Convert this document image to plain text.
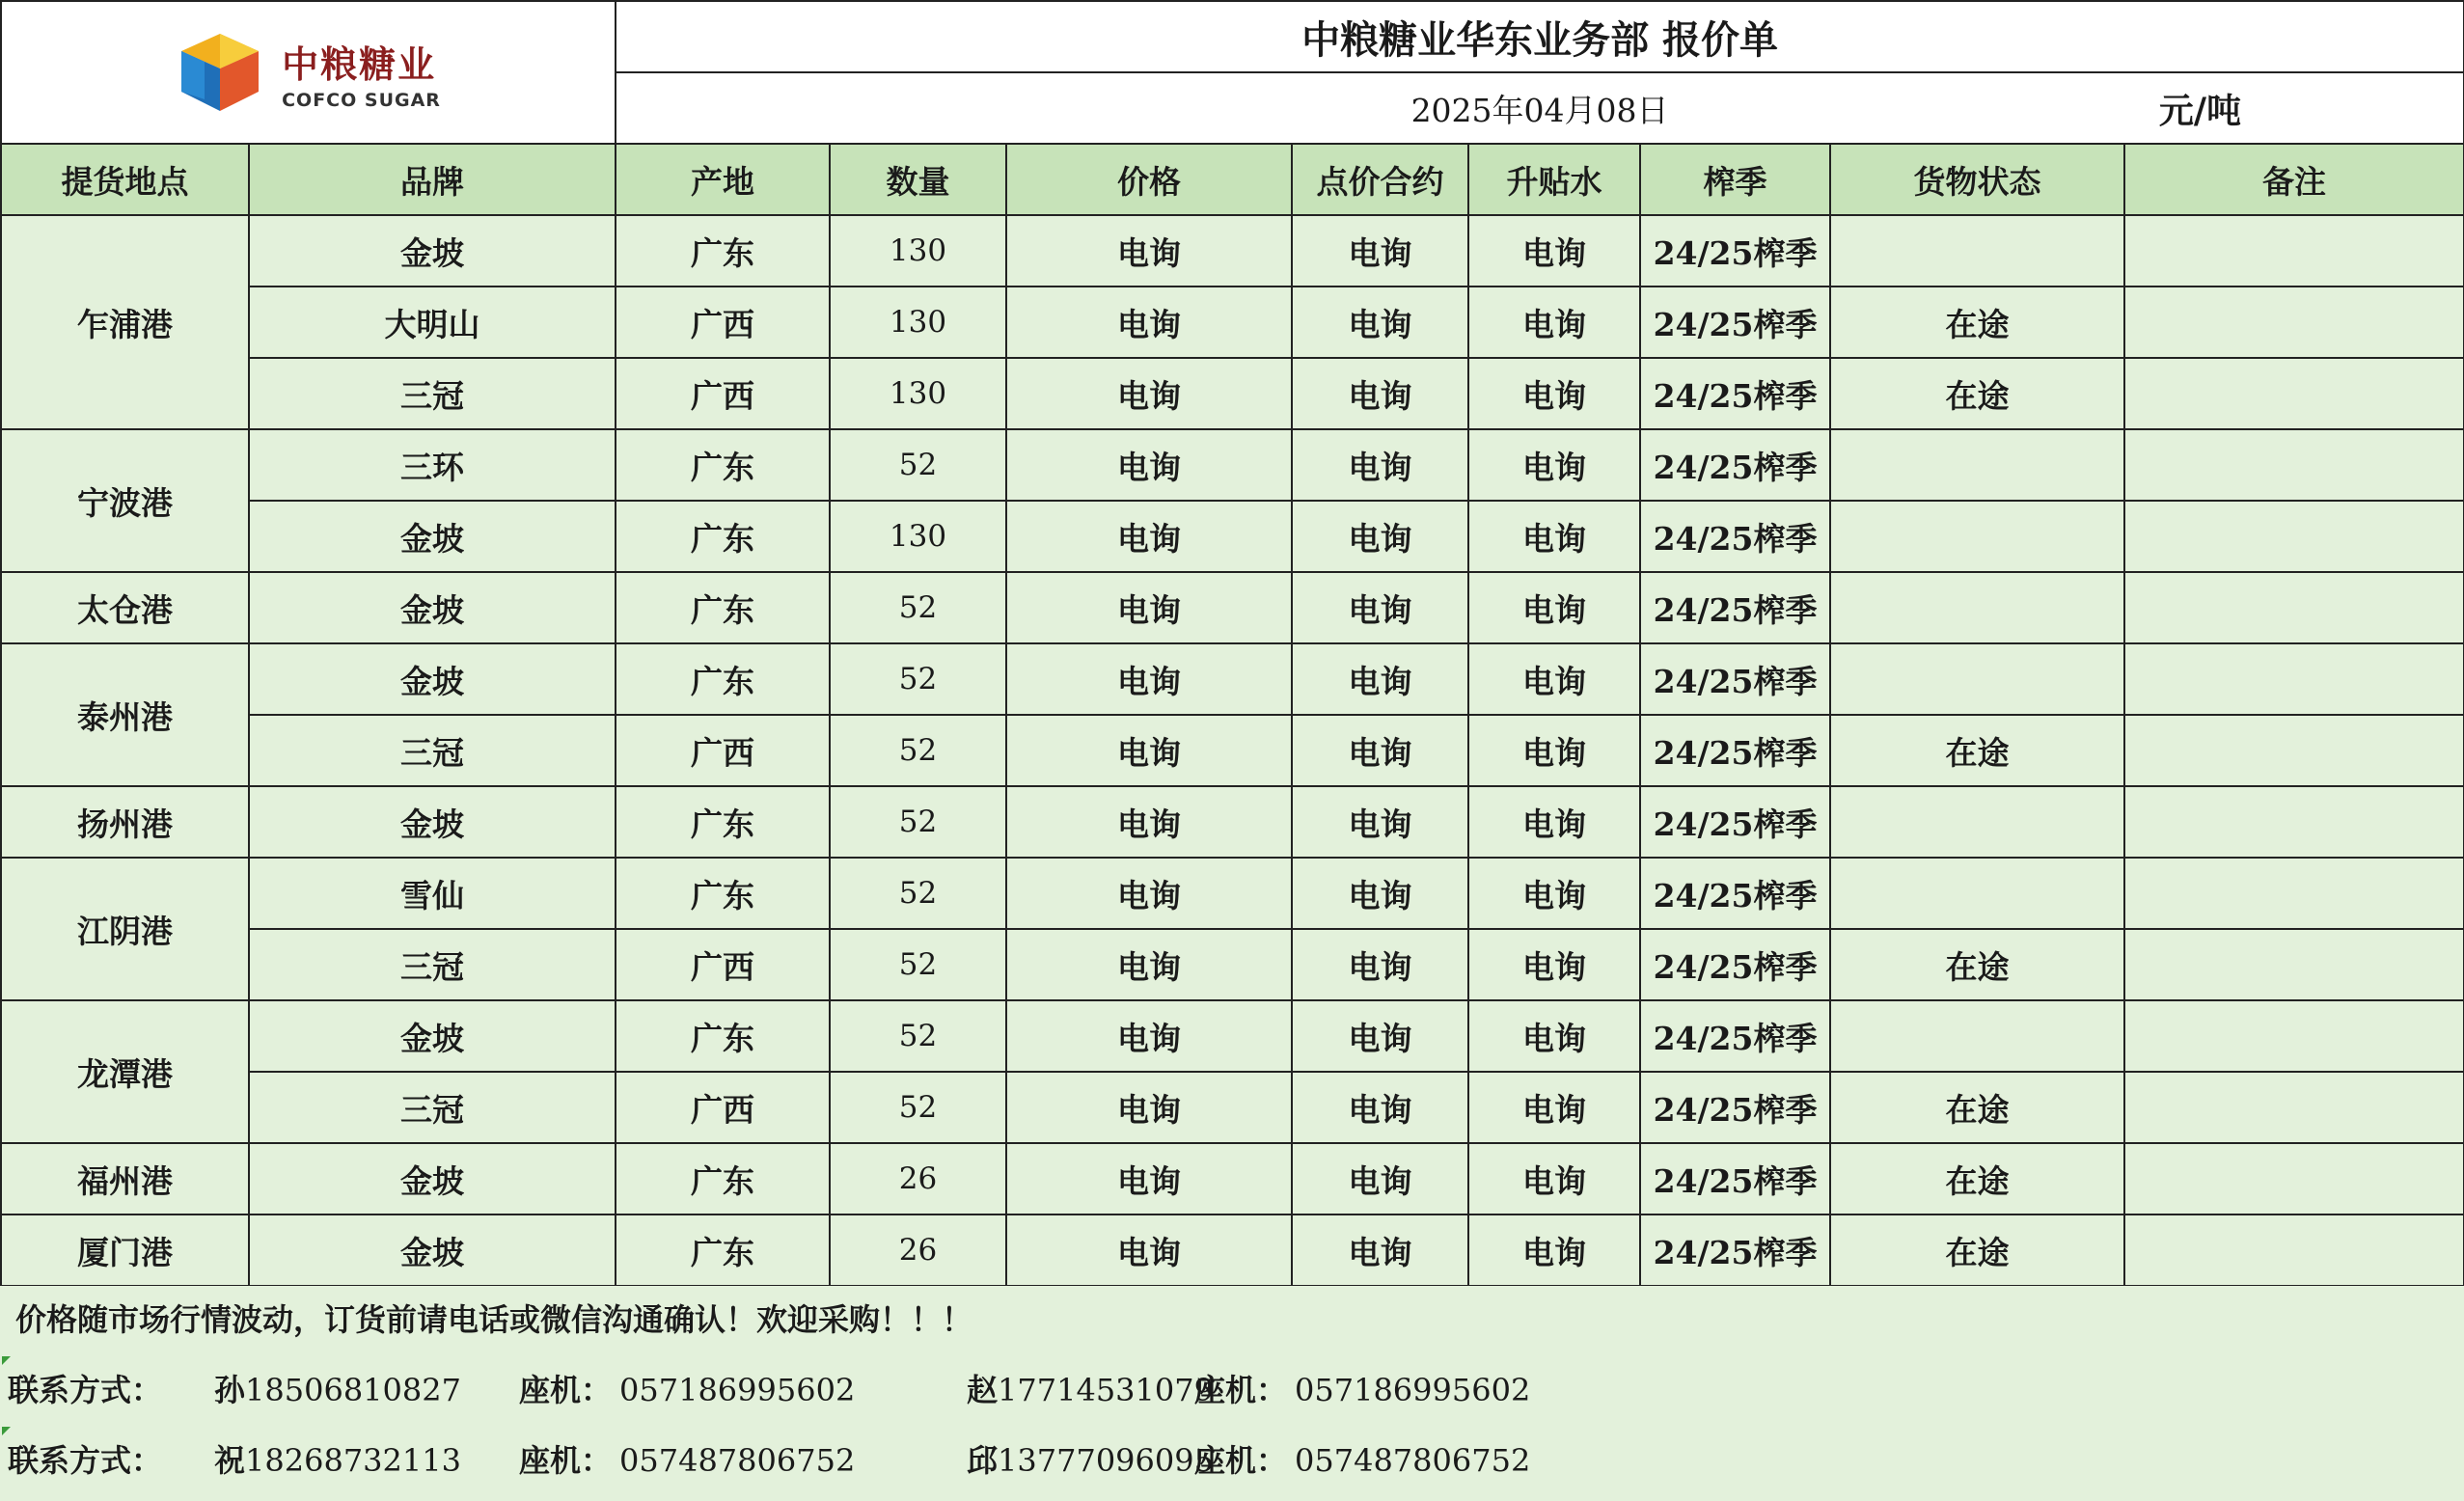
中粮糖业
COFCO SUGAR		中粮糖业华东业务部 报价单							

2025年04月08日 元/吨							

提货地点	品牌	产地	数量	价格	点价合约	升贴水	榨季	货物状态	备注
乍浦港	金坡	广东	130	电询	电询	电询	24/25榨季		
	大明山	广西	130	电询	电询	电询	24/25榨季	在途	
	三冠	广西	130	电询	电询	电询	24/25榨季	在途	
宁波港	三环	广东	52	电询	电询	电询	24/25榨季		
	金坡	广东	130	电询	电询	电询	24/25榨季		
太仓港	金坡	广东	52	电询	电询	电询	24/25榨季		
泰州港	金坡	广东	52	电询	电询	电询	24/25榨季		
	三冠	广西	52	电询	电询	电询	24/25榨季	在途	
扬州港	金坡	广东	52	电询	电询	电询	24/25榨季		
江阴港	雪仙	广东	52	电询	电询	电询	24/25榨季		
	三冠	广西	52	电询	电询	电询	24/25榨季	在途	
龙潭港	金坡	广东	52	电询	电询	电询	24/25榨季		
	三冠	广西	52	电询	电询	电询	24/25榨季	在途	
福州港	金坡	广东	26	电询	电询	电询	24/25榨季	在途	
厦门港	金坡	广东	26	电询	电询	电询	24/25榨季	在途	
价格随市场行情波动，订货前请电话或微信沟通确认！欢迎采购！！！
联系方式： 孙18506810827 座机： 057186995602	赵17714531079
座机： 057186995602
联系方式： 祝18268732113 座机： 057487806752	邱13777096095
座机： 057487806752
